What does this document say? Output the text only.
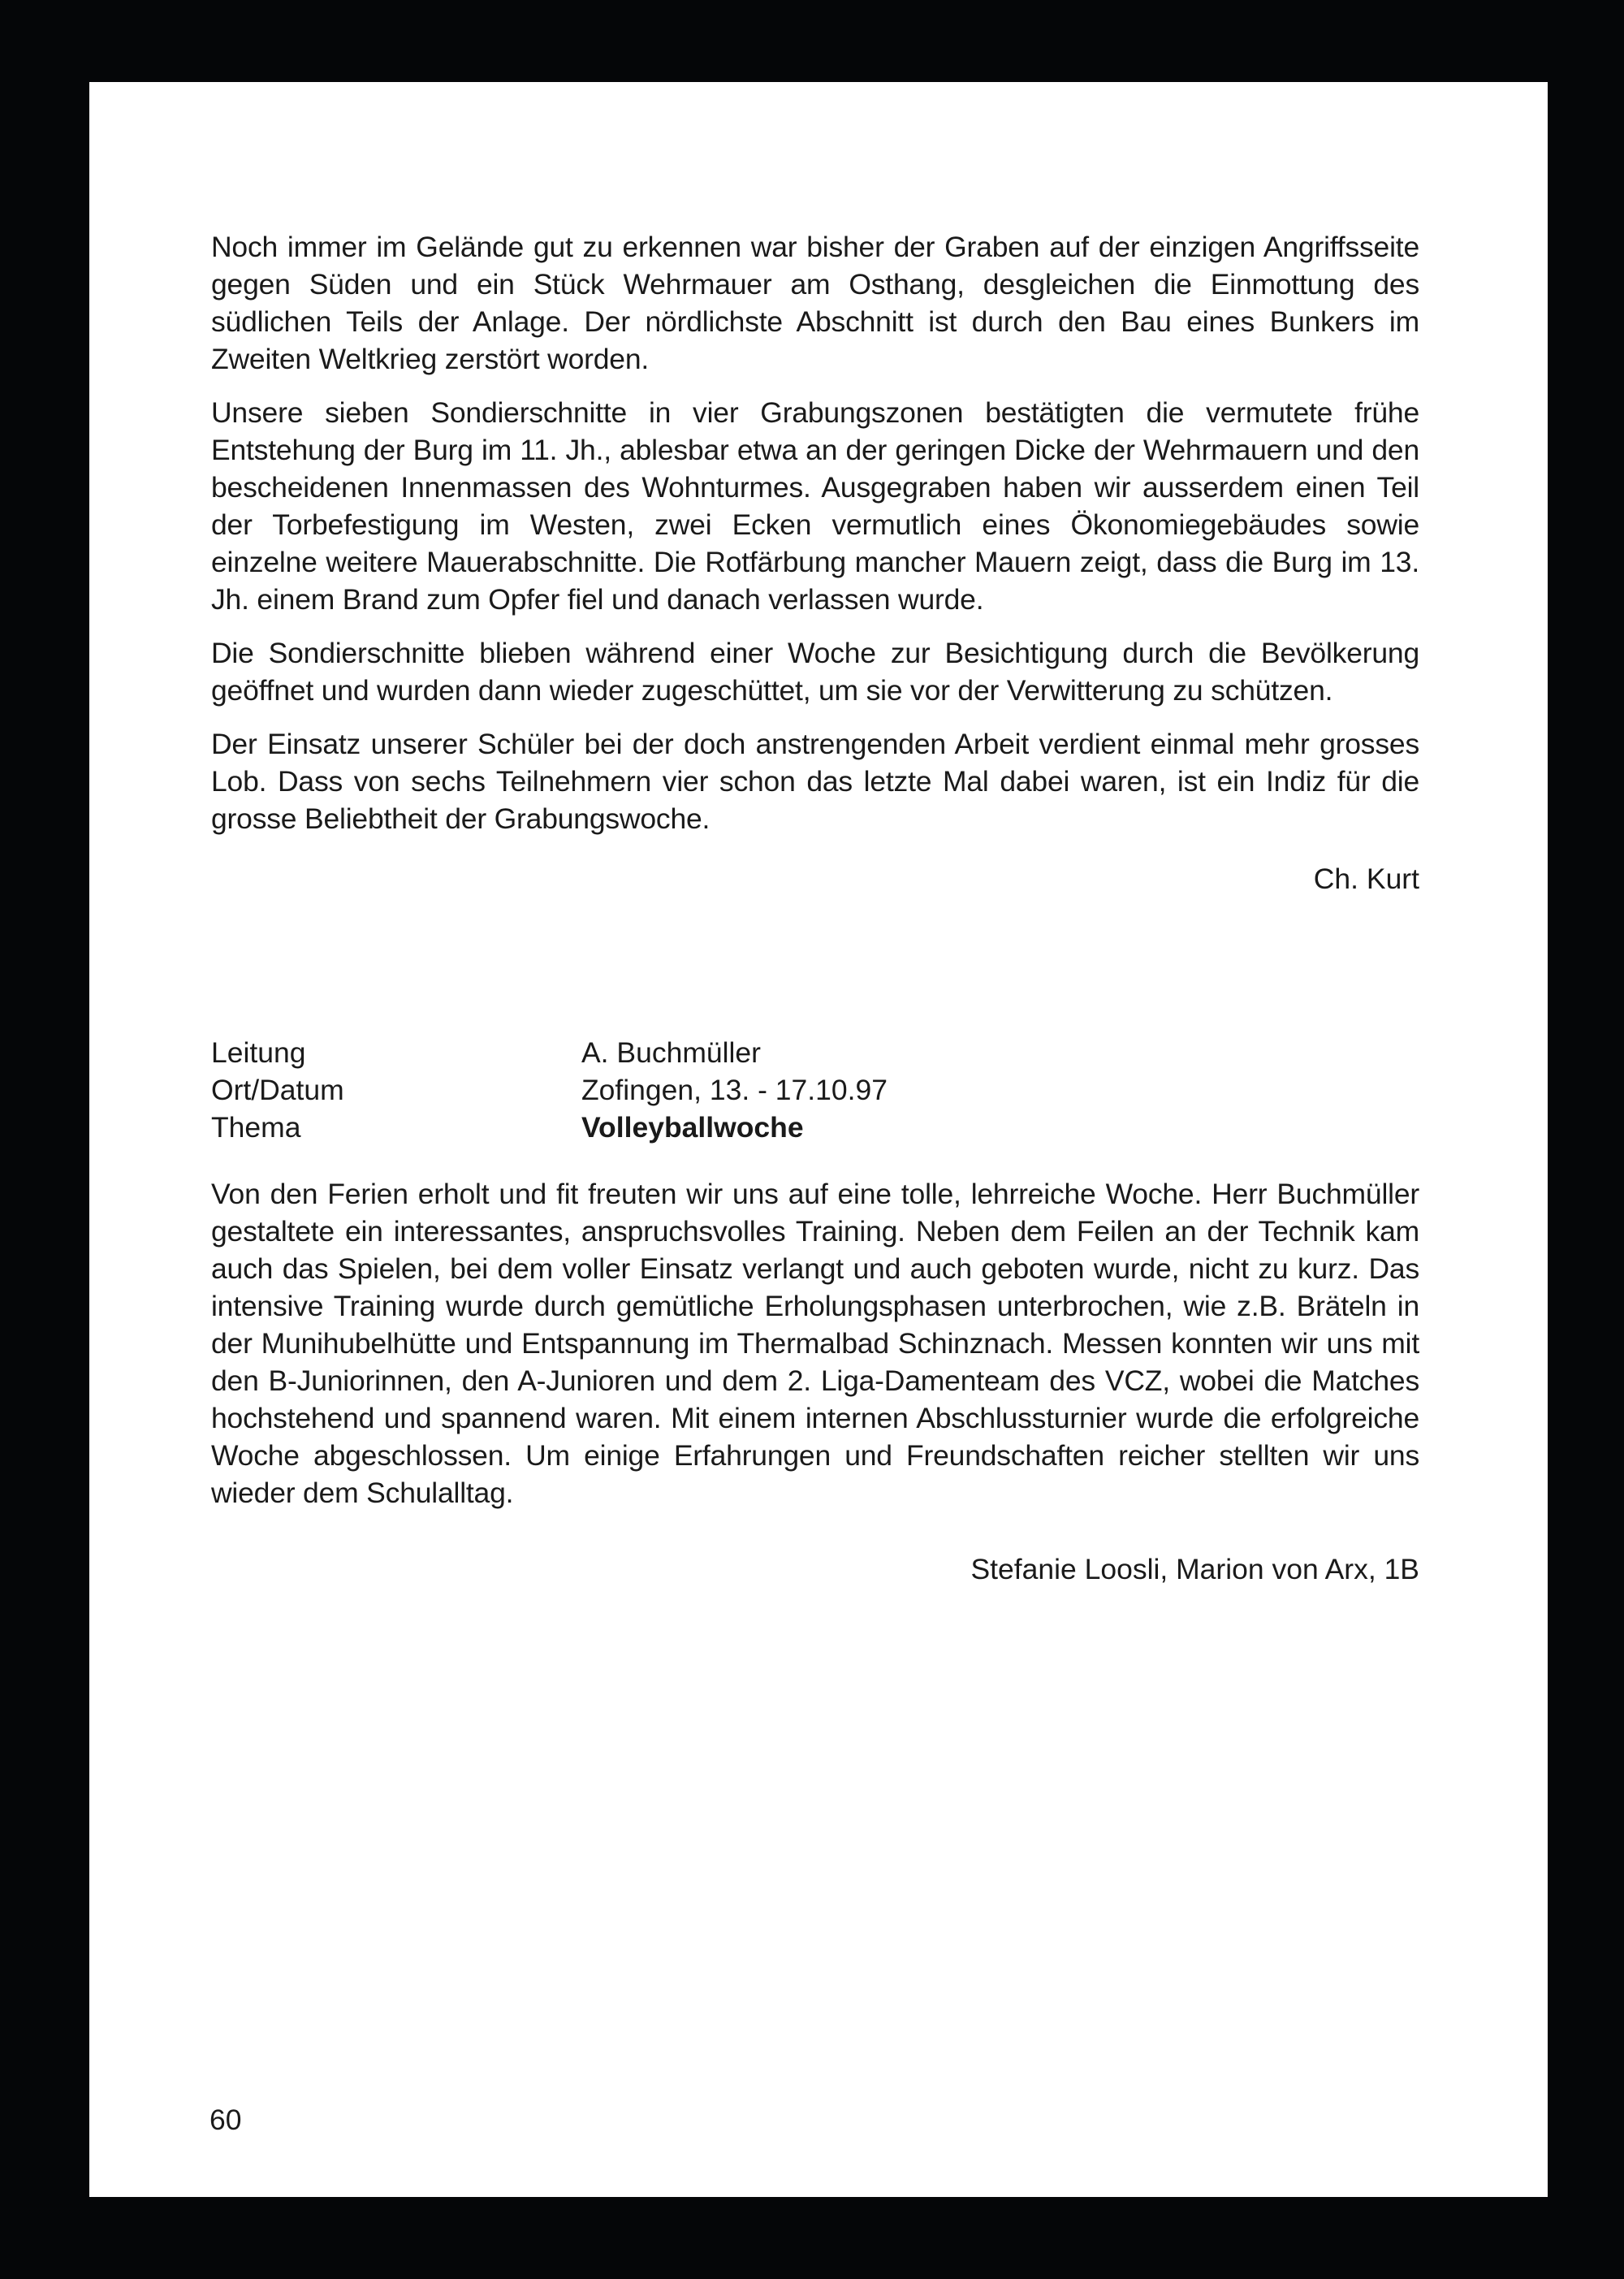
Noch immer im Gelände gut zu erkennen war bisher der Graben auf der einzigen Angriffsseite gegen Süden und ein Stück Wehrmauer am Osthang, desgleichen die Einmottung des südlichen Teils der Anlage. Der nördlichste Abschnitt ist durch den Bau eines Bunkers im Zweiten Weltkrieg zerstört worden.

Unsere sieben Sondierschnitte in vier Grabungszonen bestätigten die vermutete frühe Entstehung der Burg im 11. Jh., ablesbar etwa an der geringen Dicke der Wehrmauern und den bescheidenen Innenmassen des Wohnturmes. Ausgegraben haben wir ausserdem einen Teil der Torbefestigung im Westen, zwei Ecken vermutlich eines Ökonomiegebäudes sowie einzelne weitere Mauerabschnitte. Die Rotfärbung mancher Mauern zeigt, dass die Burg im 13. Jh. einem Brand zum Opfer fiel und danach verlassen wurde.

Die Sondierschnitte blieben während einer Woche zur Besichtigung durch die Bevölkerung geöffnet und wurden dann wieder zugeschüttet, um sie vor der Verwitterung zu schützen.

Der Einsatz unserer Schüler bei der doch anstrengenden Arbeit verdient einmal mehr grosses Lob. Dass von sechs Teilnehmern vier schon das letzte Mal dabei waren, ist ein Indiz für die grosse Beliebtheit der Grabungswoche.

Ch. Kurt
Leitung	A. Buchmüller
Ort/Datum	Zofingen, 13. - 17.10.97
Thema	Volleyballwoche

Von den Ferien erholt und fit freuten wir uns auf eine tolle, lehrreiche Woche. Herr Buchmüller gestaltete ein interessantes, anspruchsvolles Training. Neben dem Feilen an der Technik kam auch das Spielen, bei dem voller Einsatz verlangt und auch geboten wurde, nicht zu kurz. Das intensive Training wurde durch gemütliche Erholungsphasen unterbrochen, wie z.B. Bräteln in der Munihubelhütte und Entspannung im Thermalbad Schinznach. Messen konnten wir uns mit den B-Juniorinnen, den A-Junioren und dem 2. Liga-Damenteam des VCZ, wobei die Matches hochstehend und spannend waren. Mit einem internen Abschlussturnier wurde die erfolgreiche Woche abgeschlossen. Um einige Erfahrungen und Freundschaften reicher stellten wir uns wieder dem Schulalltag.

Stefanie Loosli, Marion von Arx, 1B
60
